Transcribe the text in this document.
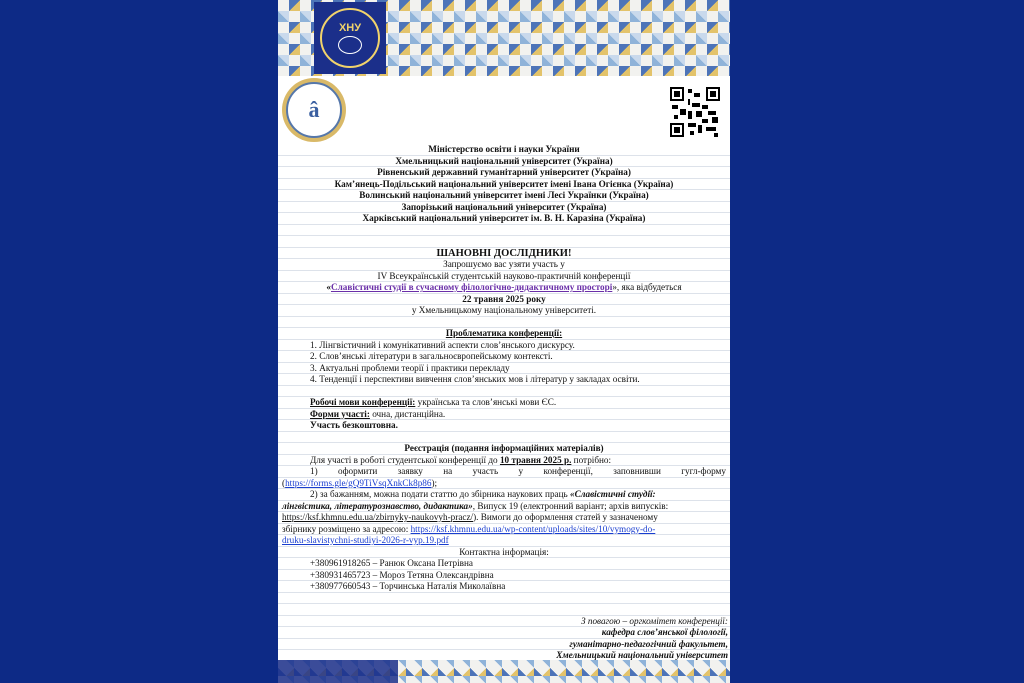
ХНУ
â
Міністерство освіти і науки України
Хмельницький національний університет (Україна)
Рівненський державний гуманітарний університет (Україна)
Кам’янець-Подільський національний університет імені Івана Огієнка (Україна)
Волинський національний університет імені Лесі Українки (Україна)
Запорізький національний університет (Україна)
Харківський національний університет ім. В. Н. Каразіна (Україна)
ШАНОВНІ ДОСЛІДНИКИ!
Запрошуємо вас узяти участь у
IV Всеукраїнській студентській науково-практичній конференції
«Славістичні студії в сучасному філологічно-дидактичному просторі», яка відбудеться
22 травня 2025 року
у Хмельницькому національному університеті.
Проблематика конференції:
1. Лінгвістичний і комунікативний аспекти слов’янського дискурсу.
2. Слов’янські літератури в загальноєвропейському контексті.
3. Актуальні проблеми теорії і практики перекладу
4. Тенденції і перспективи вивчення слов’янських мов і літератур у закладах освіти.
Робочі мови конференції: українська та слов’янські мови ЄС.
Форми участі: очна, дистанційна.
Участь безкоштовна.
Реєстрація (подання інформаційних матеріалів)
Для участі в роботі студентської конференції до 10 травня 2025 р. потрібно:
1) оформити заявку на участь у конференції, заповнивши гугл-форму
(https://forms.gle/gQ9TiVsqXnkCk8p86);
2) за бажанням, можна подати статтю до збірника наукових праць «Славістичні студії:
лінгвістика, літературознавство, дидактика», Випуск 19 (електронний варіант; архів випусків:
https://ksf.khmnu.edu.ua/zbirnyky-naukovyh-pracz/). Вимоги до оформлення статей у зазначеному
збірнику розміщено за адресою: https://ksf.khmnu.edu.ua/wp-content/uploads/sites/10/vymogy-do-
druku-slavistychni-studiyi-2026-r-vyp.19.pdf
Контактна інформація:
+380961918265 – Ранюк Оксана Петрівна
+380931465723 – Мороз Тетяна Олександрівна
+380977660543 – Торчинська Наталія Миколаївна
З повагою – оргкомітет конференції:
кафедра слов’янської філології,
гуманітарно-педагогічний факультет,
Хмельницький національний університет
